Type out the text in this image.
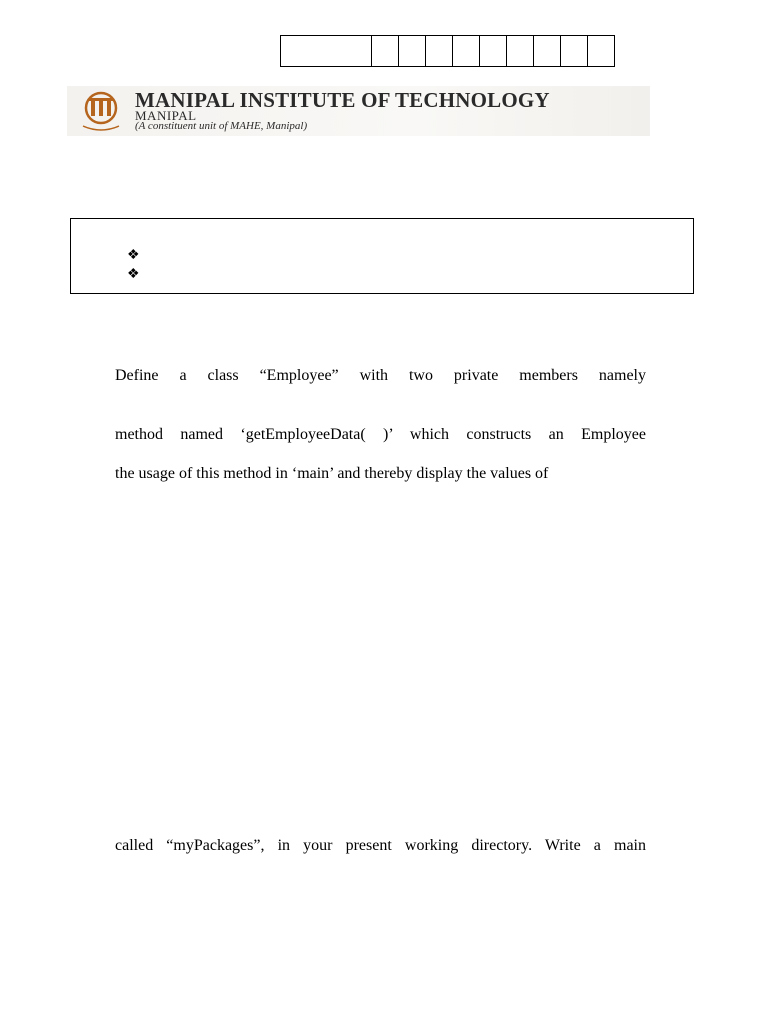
MANIPAL INSTITUTE OF TECHNOLOGY
MANIPAL
(A constituent unit of MAHE, Manipal)
❖
❖
Define a class “Employee” with two private members namely
method named ‘getEmployeeData( )’ which constructs an Employee
the usage of this method in ‘main’ and thereby display the values of
called “myPackages”, in your present working directory. Write a main
